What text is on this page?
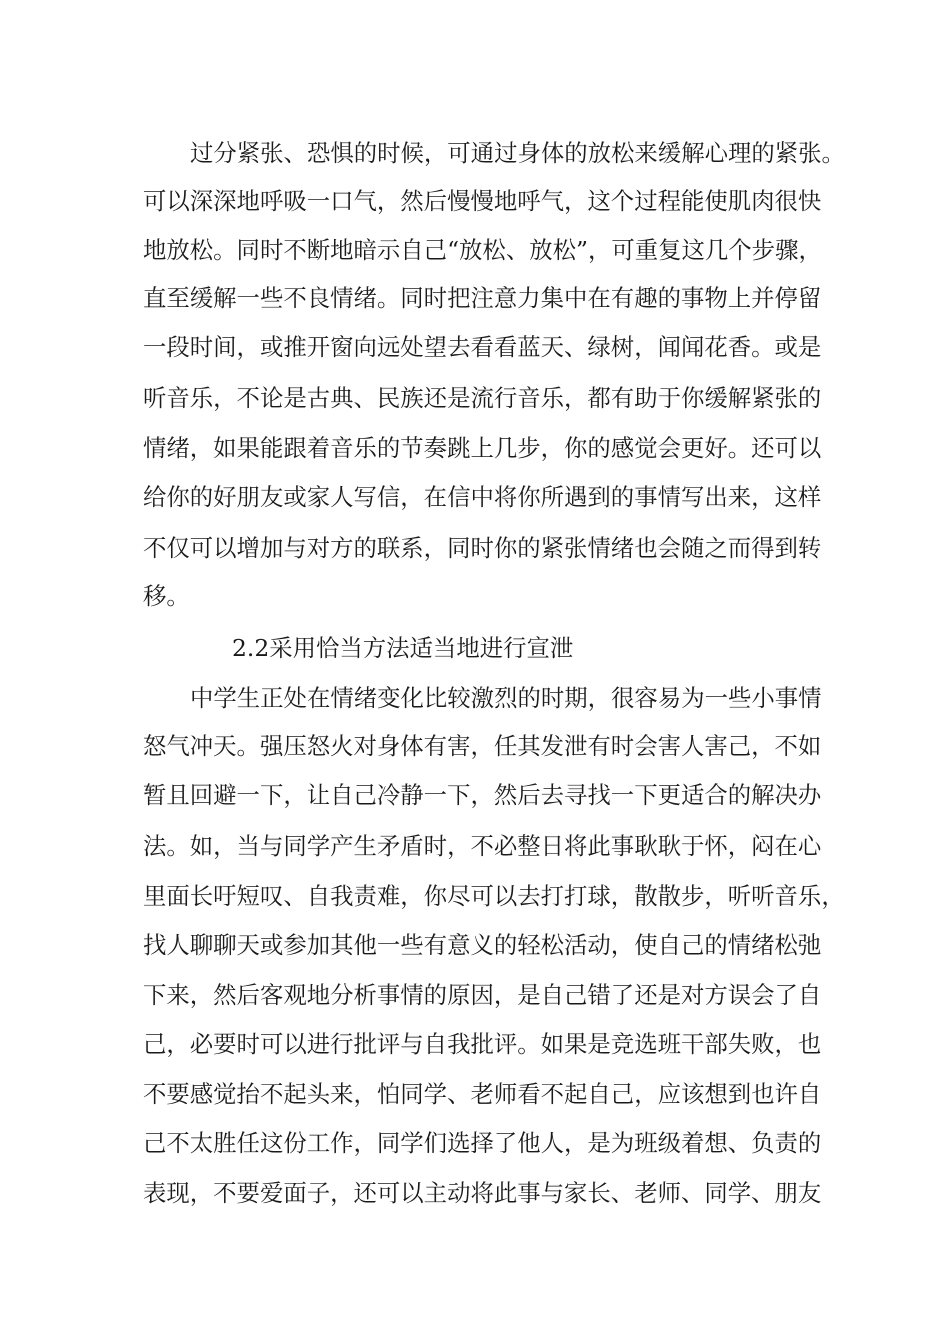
过分紧张、恐惧的时候，可通过身体的放松来缓解心理的紧张。
可以深深地呼吸一口气，然后慢慢地呼气，这个过程能使肌肉很快
地放松。同时不断地暗示自己“放松、放松”，可重复这几个步骤，
直至缓解一些不良情绪。同时把注意力集中在有趣的事物上并停留
一段时间，或推开窗向远处望去看看蓝天、绿树，闻闻花香。或是
听音乐，不论是古典、民族还是流行音乐，都有助于你缓解紧张的
情绪，如果能跟着音乐的节奏跳上几步，你的感觉会更好。还可以
给你的好朋友或家人写信，在信中将你所遇到的事情写出来，这样
不仅可以增加与对方的联系，同时你的紧张情绪也会随之而得到转
移。
2.2采用恰当方法适当地进行宣泄
中学生正处在情绪变化比较激烈的时期，很容易为一些小事情
怒气冲天。强压怒火对身体有害，任其发泄有时会害人害己，不如
暂且回避一下，让自己冷静一下，然后去寻找一下更适合的解决办
法。如，当与同学产生矛盾时，不必整日将此事耿耿于怀，闷在心
里面长吁短叹、自我责难，你尽可以去打打球，散散步，听听音乐，
找人聊聊天或参加其他一些有意义的轻松活动，使自己的情绪松弛
下来，然后客观地分析事情的原因，是自己错了还是对方误会了自
己，必要时可以进行批评与自我批评。如果是竞选班干部失败，也
不要感觉抬不起头来，怕同学、老师看不起自己，应该想到也许自
己不太胜任这份工作，同学们选择了他人，是为班级着想、负责的
表现，不要爱面子，还可以主动将此事与家长、老师、同学、朋友
